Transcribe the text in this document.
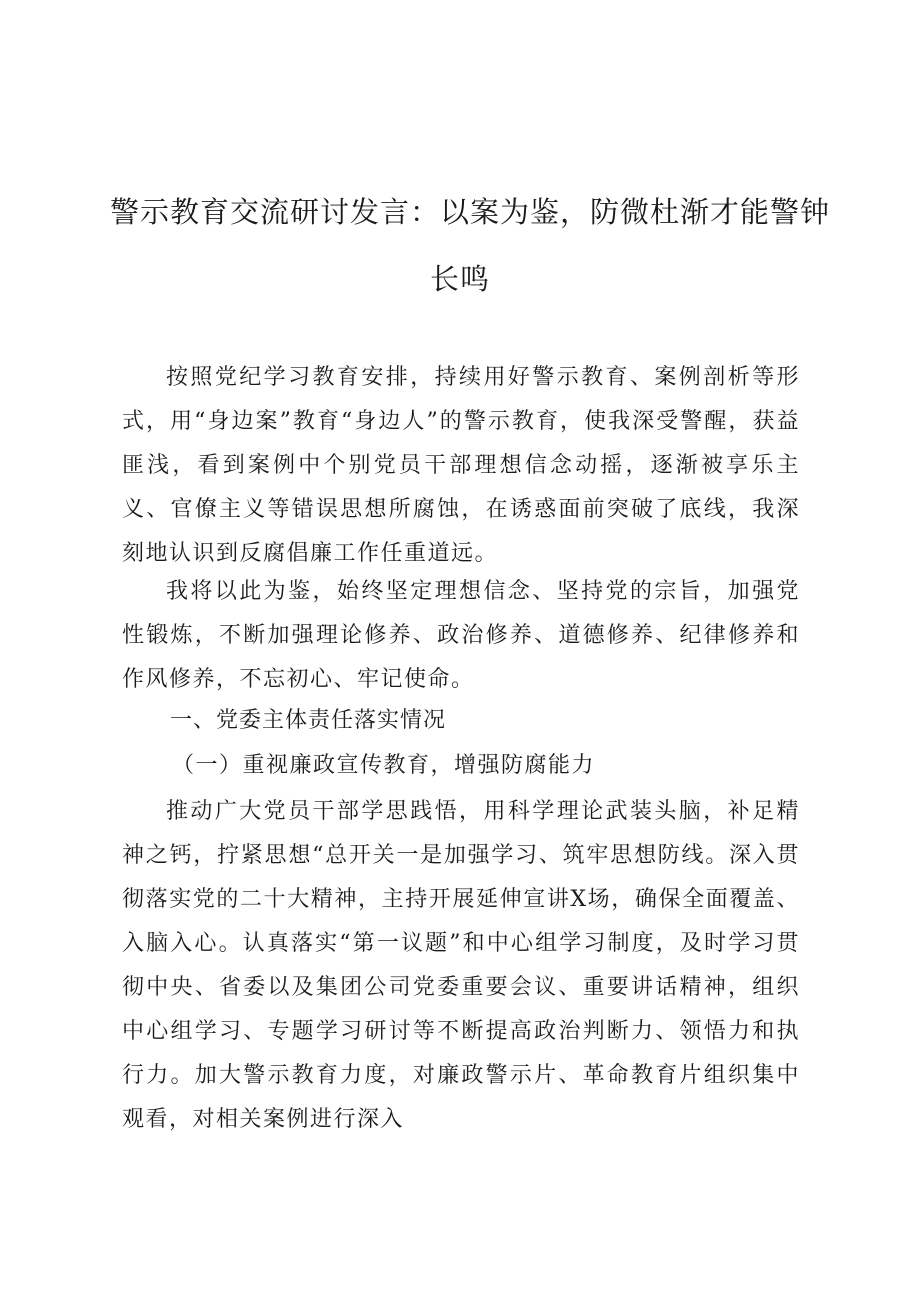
警示教育交流研讨发言：以案为鉴，防微杜渐才能警钟
长鸣

按照党纪学习教育安排，持续用好警示教育、案例剖析等形式，用“身边案”教育“身边人”的警示教育，使我深受警醒，获益匪浅，看到案例中个别党员干部理想信念动摇，逐渐被享乐主义、官僚主义等错误思想所腐蚀，在诱惑面前突破了底线，我深刻地认识到反腐倡廉工作任重道远。

我将以此为鉴，始终坚定理想信念、坚持党的宗旨，加强党性锻炼，不断加强理论修养、政治修养、道德修养、纪律修养和作风修养，不忘初心、牢记使命。

一、党委主体责任落实情况
（一）重视廉政宣传教育，增强防腐能力

推动广大党员干部学思践悟，用科学理论武装头脑，补足精神之钙，拧紧思想“总开关一是加强学习、筑牢思想防线。深入贯彻落实党的二十大精神，主持开展延伸宣讲X场，确保全面覆盖、入脑入心。认真落实“第一议题”和中心组学习制度，及时学习贯彻中央、省委以及集团公司党委重要会议、重要讲话精神，组织中心组学习、专题学习研讨等不断提高政治判断力、领悟力和执行力。加大警示教育力度，对廉政警示片、革命教育片组织集中观看，对相关案例进行深入
